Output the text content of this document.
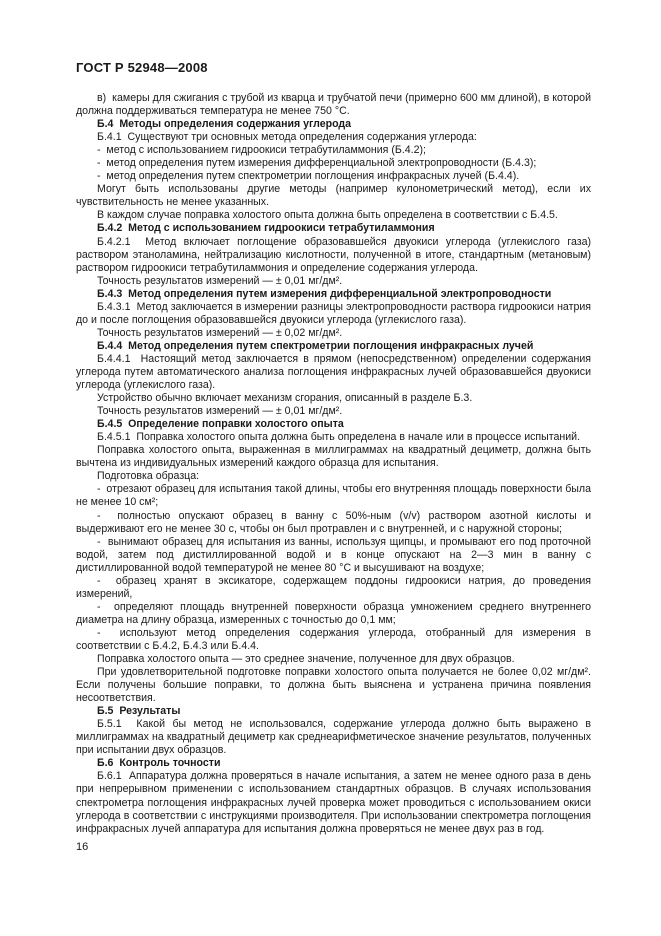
ГОСТ Р 52948—2008

в)  камеры для сжигания с трубой из кварца и трубчатой печи (примерно 600 мм длиной), в которой должна поддерживаться температура не менее 750 °С.

Б.4  Методы определения содержания углерода

Б.4.1  Существуют три основных метода определения содержания углерода:

-  метод с использованием гидроокиси тетрабутиламмония (Б.4.2);

-  метод определения путем измерения дифференциальной электропроводности (Б.4.3);

-  метод определения путем спектрометрии поглощения инфракрасных лучей (Б.4.4).

Могут быть использованы другие методы (например кулонометрический метод), если их чувствительность не менее указанных.

В каждом случае поправка холостого опыта должна быть определена в соответствии с Б.4.5.

Б.4.2  Метод с использованием гидроокиси тетрабутиламмония

Б.4.2.1  Метод включает поглощение образовавшейся двуокиси углерода (углекислого газа) раствором этаноламина, нейтрализацию кислотности, полученной в итоге, стандартным (метановым) раствором гидроокиси тетрабутиламмония и определение содержания углерода.

Точность результатов измерений — ± 0,01 мг/дм².

Б.4.3  Метод определения путем измерения дифференциальной электропроводности

Б.4.3.1  Метод заключается в измерении разницы электропроводности раствора гидроокиси натрия до и после поглощения образовавшейся двуокиси углерода (углекислого газа).

Точность результатов измерений — ± 0,02 мг/дм².

Б.4.4  Метод определения путем спектрометрии поглощения инфракрасных лучей

Б.4.4.1  Настоящий метод заключается в прямом (непосредственном) определении содержания углерода путем автоматического анализа поглощения инфракрасных лучей образовавшейся двуокиси углерода (углекислого газа).

Устройство обычно включает механизм сгорания, описанный в разделе Б.3.

Точность результатов измерений — ± 0,01 мг/дм².

Б.4.5  Определение поправки холостого опыта

Б.4.5.1  Поправка холостого опыта должна быть определена в начале или в процессе испытаний.

Поправка холостого опыта, выраженная в миллиграммах на квадратный дециметр, должна быть вычтена из индивидуальных измерений каждого образца для испытания.

Подготовка образца:

-  отрезают образец для испытания такой длины, чтобы его внутренняя площадь поверхности была не менее 10 см²;

-  полностью опускают образец в ванну с 50%-ным (v/v) раствором азотной кислоты и выдерживают его не менее 30 с, чтобы он был протравлен и с внутренней, и с наружной стороны;

-  вынимают образец для испытания из ванны, используя щипцы, и промывают его под проточной водой, затем под дистиллированной водой и в конце опускают на 2—3 мин в ванну с дистиллированной водой температурой не менее 80 °С и высушивают на воздухе;

-  образец хранят в эксикаторе, содержащем поддоны гидроокиси натрия, до проведения измерений,

-  определяют площадь внутренней поверхности образца умножением среднего внутреннего диаметра на длину образца, измеренных с точностью до 0,1 мм;

-  используют метод определения содержания углерода, отобранный для измерения в соответствии с Б.4.2, Б.4.3 или Б.4.4.

Поправка холостого опыта — это среднее значение, полученное для двух образцов.

При удовлетворительной подготовке поправки холостого опыта получается не более 0,02 мг/дм². Если получены большие поправки, то должна быть выяснена и устранена причина появления несоответствия.

Б.5  Результаты

Б.5.1  Какой бы метод не использовался, содержание углерода должно быть выражено в миллиграммах на квадратный дециметр как среднеарифметическое значение результатов, полученных при испытании двух образцов.

Б.6  Контроль точности

Б.6.1  Аппаратура должна проверяться в начале испытания, а затем не менее одного раза в день при непрерывном применении с использованием стандартных образцов. В случаях использования спектрометра поглощения инфракрасных лучей проверка может проводиться с использованием окиси углерода в соответствии с инструкциями производителя. При использовании спектрометра поглощения инфракрасных лучей аппаратура для испытания должна проверяться не менее двух раз в год.

16
